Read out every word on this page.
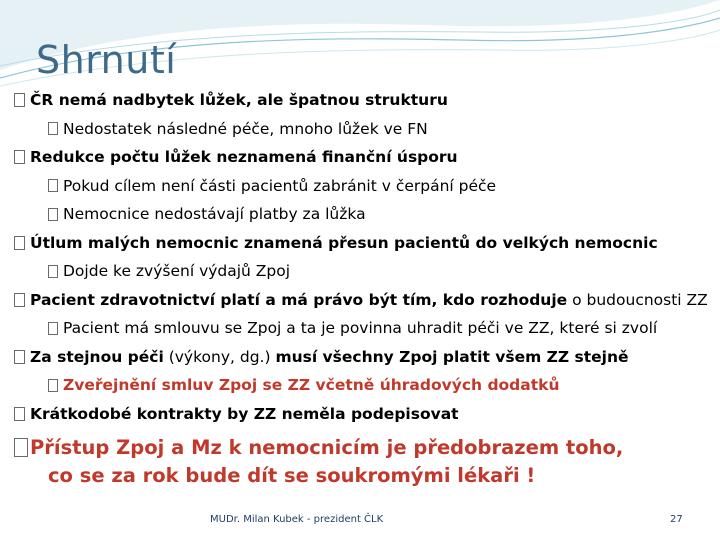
Shrnutí
ČR nemá nadbytek lůžek, ale špatnou strukturu
Nedostatek následné péče, mnoho lůžek ve FN
Redukce počtu lůžek neznamená finanční úsporu
Pokud cílem není části pacientů zabránit v čerpání péče
Nemocnice nedostávají platby za lůžka
Útlum malých nemocnic znamená přesun pacientů do velkých nemocnic
Dojde ke zvýšení výdajů Zpoj
Pacient zdravotnictví platí a má právo být tím, kdo rozhoduje o budoucnosti ZZ
Pacient má smlouvu se Zpoj a ta je povinna uhradit péči ve ZZ, které si zvolí
Za stejnou péči (výkony, dg.) musí všechny Zpoj platit všem ZZ stejně
Zveřejnění smluv Zpoj se ZZ včetně úhradových dodatků
Krátkodobé kontrakty by ZZ neměla podepisovat
Přístup Zpoj a Mz k nemocnicím je předobrazem toho,
co se za rok bude dít se soukromými lékaři !
MUDr. Milan Kubek - prezident ČLK	27
